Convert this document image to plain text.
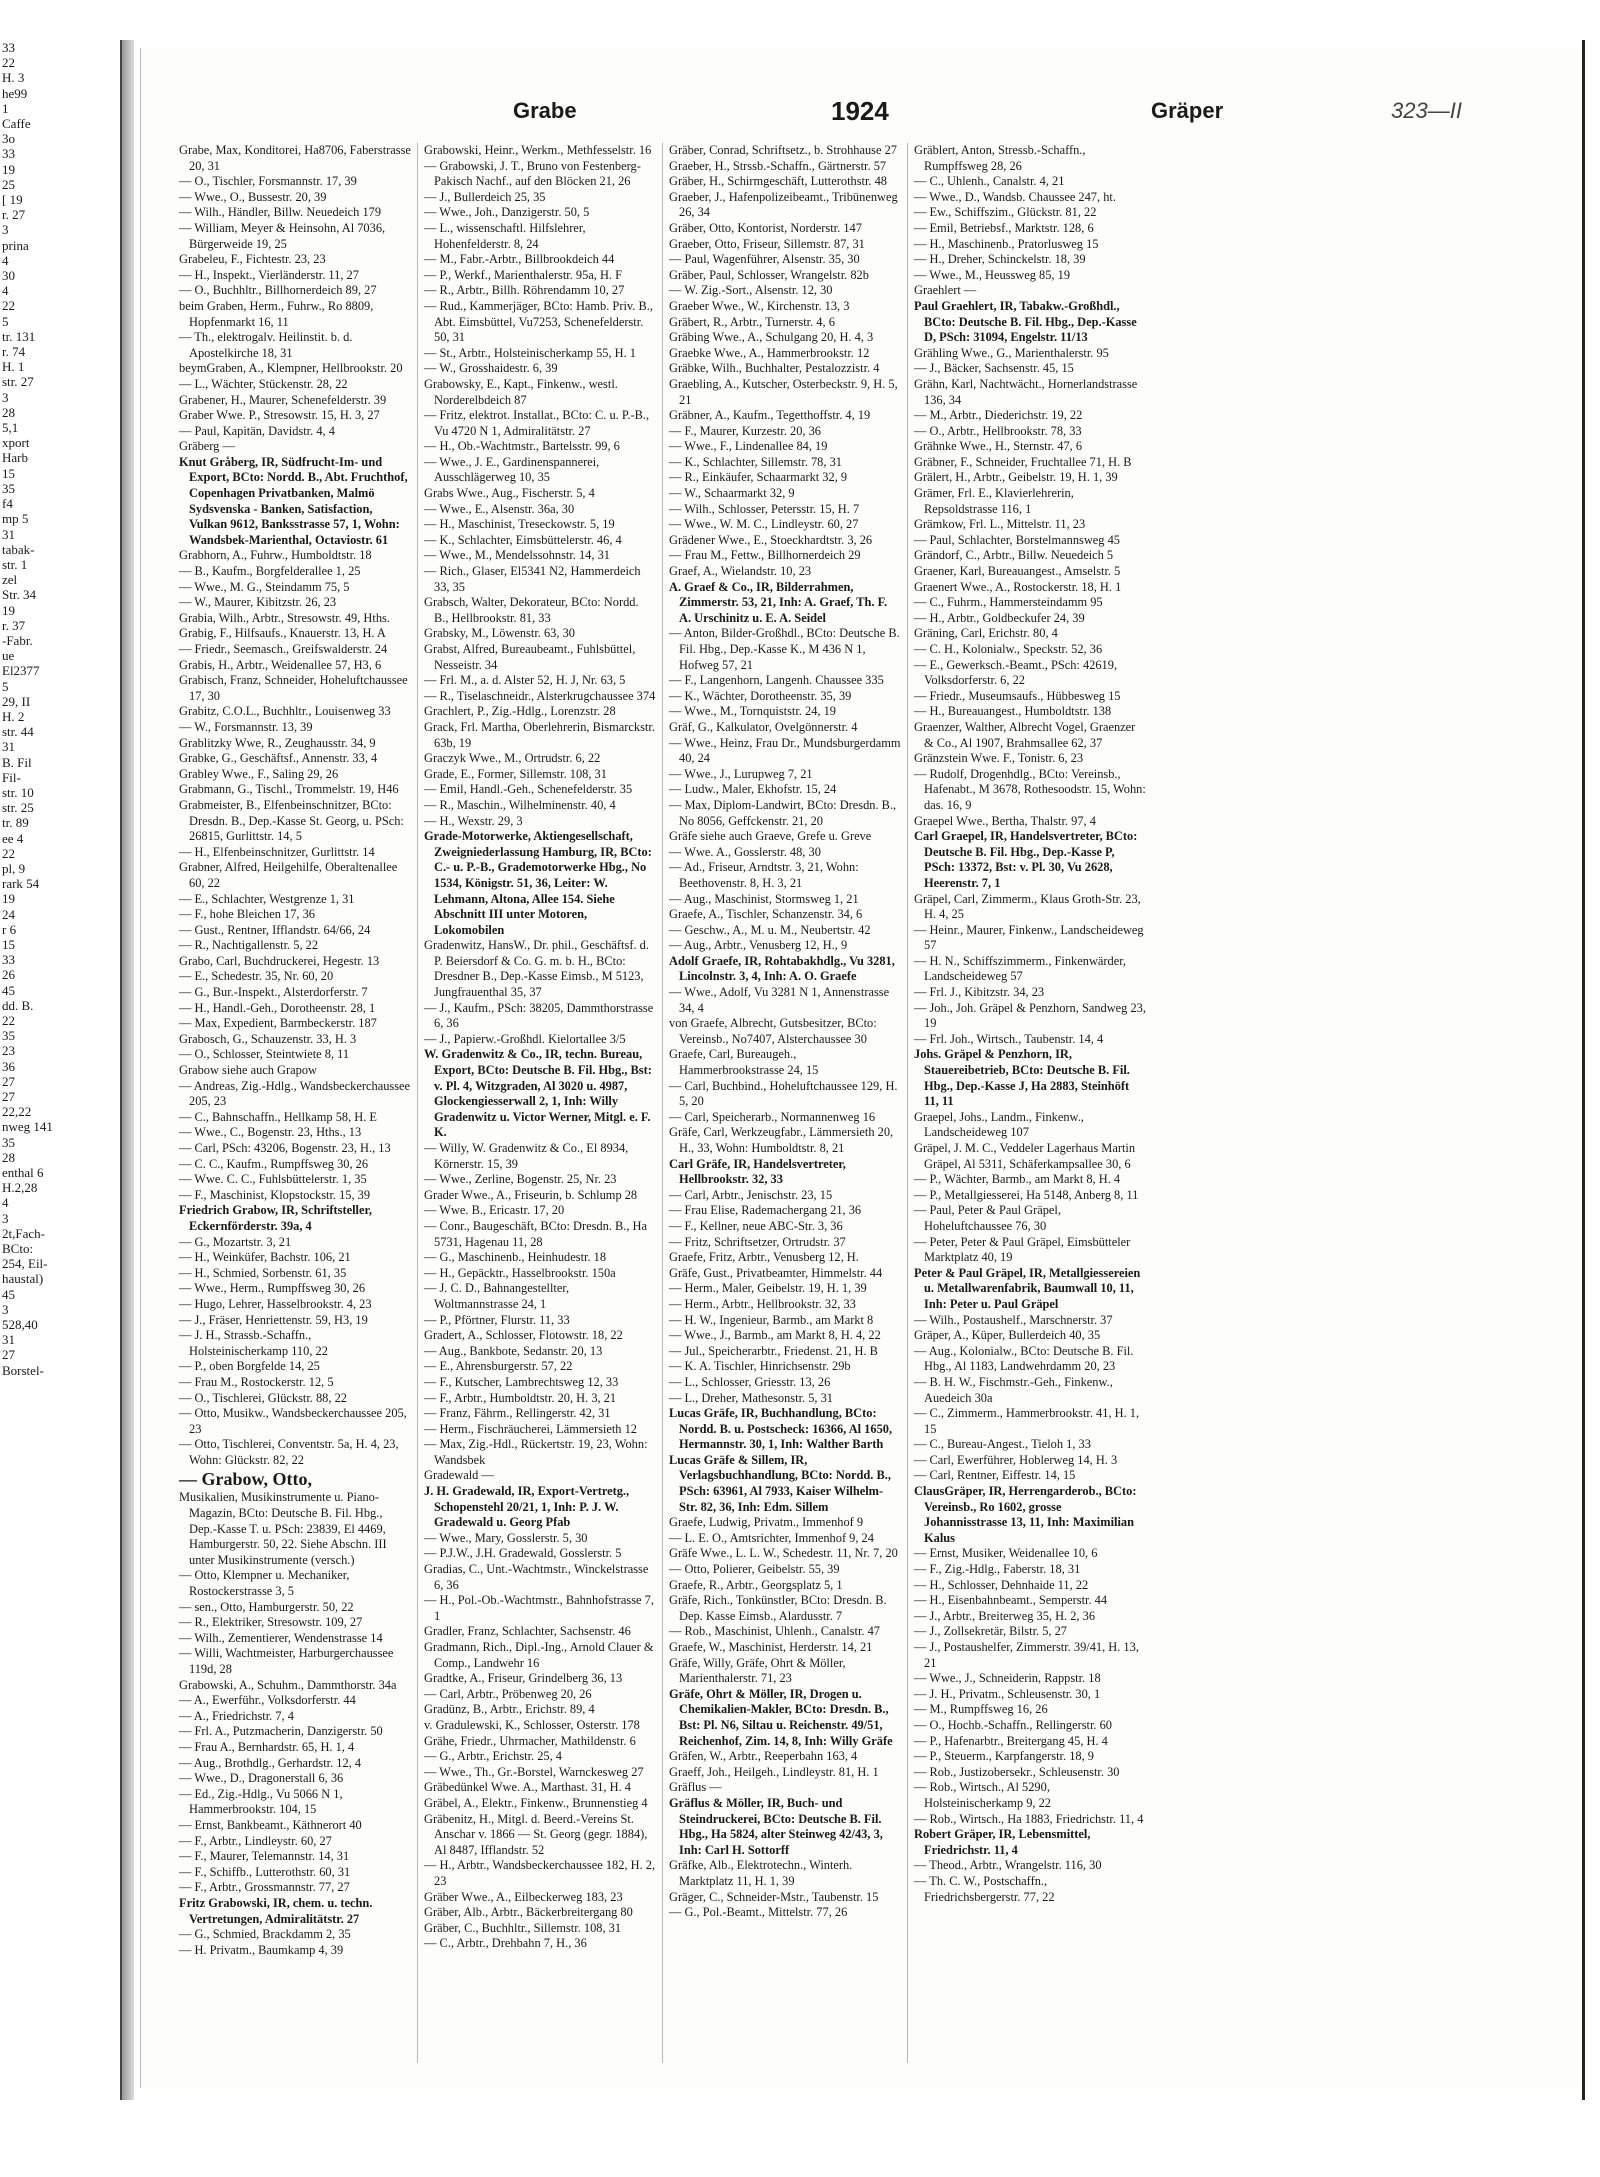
33
22
H. 3
he99
1
Caffe
3o
33
19
25
[ 19
r. 27
3
prina
4
30
4
22
5
tr. 131
r. 74
H. 1
str. 27
3
28
5,1
xport
Harb
15
35
f4
mp 5
31
tabak-
str. 1
zel
Str. 34
19
r. 37
-Fabr.
ue
El2377
5
29, II
H. 2
str. 44
31
B. Fil
Fil-
str. 10
str. 25
tr. 89
ee 4
22
pl, 9
rark 54
19
24
r 6
15
33
26
45
dd. B.
22
35
23
36
27
27
22,22
nweg 141
35
28
enthal 6
H.2,28
4
3
2t,Fach-
BCto:
254, Eil-
haustal)
45
3
528,40
31
27
Borstel-
Grabe	1924	Gräper	323—II

Grabe, Max, Konditorei, Ha8706, Faberstrasse 20, 31

— O., Tischler, Forsmannstr. 17, 39

— Wwe., O., Bussestr. 20, 39

— Wilh., Händler, Billw. Neuedeich 179

— William, Meyer & Heinsohn, Al 7036, Bürgerweide 19, 25

Grabeleu, F., Fichtestr. 23, 23

— H., Inspekt., Vierländerstr. 11, 27

— O., Buchhltr., Billhornerdeich 89, 27

beim Graben, Herm., Fuhrw., Ro 8809, Hopfenmarkt 16, 11

— Th., elektrogalv. Heilinstit. b. d. Apostelkirche 18, 31

beymGraben, A., Klempner, Hellbrookstr. 20

— L., Wächter, Stückenstr. 28, 22

Grabener, H., Maurer, Schenefelderstr. 39

Graber Wwe. P., Stresowstr. 15, H. 3, 27

— Paul, Kapitän, Davidstr. 4, 4

Gräberg —

Knut Gråberg, IR, Südfrucht-Im- und Export, BCto: Nordd. B., Abt. Fruchthof, Copenhagen Privatbanken, Malmö Sydsvenska - Banken, Satisfaction, Vulkan 9612, Banksstrasse 57, 1, Wohn: Wandsbek-Marienthal, Octaviostr. 61

Grabhorn, A., Fuhrw., Humboldtstr. 18

— B., Kaufm., Borgfelderallee 1, 25

— Wwe., M. G., Steindamm 75, 5

— W., Maurer, Kibitzstr. 26, 23

Grabia, Wilh., Arbtr., Stresowstr. 49, Hths.

Grabig, F., Hilfsaufs., Knauerstr. 13, H. A

— Friedr., Seemasch., Greifswalderstr. 24

Grabis, H., Arbtr., Weidenallee 57, H3, 6

Grabisch, Franz, Schneider, Hoheluftchaussee 17, 30

Grabitz, C.O.L., Buchhltr., Louisenweg 33

— W., Forsmannstr. 13, 39

Grablitzky Wwe, R., Zeughausstr. 34, 9

Grabke, G., Geschäftsf., Annenstr. 33, 4

Grabley Wwe., F., Saling 29, 26

Grabmann, G., Tischl., Trommelstr. 19, H46

Grabmeister, B., Elfenbeinschnitzer, BCto: Dresdn. B., Dep.-Kasse St. Georg, u. PSch: 26815, Gurlittstr. 14, 5

— H., Elfenbeinschnitzer, Gurlittstr. 14

Grabner, Alfred, Heilgehilfe, Oberaltenallee 60, 22

— E., Schlachter, Westgrenze 1, 31

— F., hohe Bleichen 17, 36

— Gust., Rentner, Ifflandstr. 64/66, 24

— R., Nachtigallenstr. 5, 22

Grabo, Carl, Buchdruckerei, Hegestr. 13

— E., Schedestr. 35, Nr. 60, 20

— G., Bur.-Inspekt., Alsterdorferstr. 7

— H., Handl.-Geh., Dorotheenstr. 28, 1

— Max, Expedient, Barmbeckerstr. 187

Grabosch, G., Schauzenstr. 33, H. 3

— O., Schlosser, Steintwiete 8, 11

Grabow siehe auch Grapow

— Andreas, Zig.-Hdlg., Wandsbeckerchaussee 205, 23

— C., Bahnschaffn., Hellkamp 58, H. E

— Wwe., C., Bogenstr. 23, Hths., 13

— Carl, PSch: 43206, Bogenstr. 23, H., 13

— C. C., Kaufm., Rumpffsweg 30, 26

— Wwe. C. C., Fuhlsbüttelerstr. 1, 35

— F., Maschinist, Klopstockstr. 15, 39

Friedrich Grabow, IR, Schriftsteller, Eckernförderstr. 39a, 4

— G., Mozartstr. 3, 21

— H., Weinküfer, Bachstr. 106, 21

— H., Schmied, Sorbenstr. 61, 35

— Wwe., Herm., Rumpffsweg 30, 26

— Hugo, Lehrer, Hasselbrookstr. 4, 23

— J., Fräser, Henriettenstr. 59, H3, 19

— J. H., Strassb.-Schaffn., Holsteinischerkamp 110, 22

— P., oben Borgfelde 14, 25

— Frau M., Rostockerstr. 12, 5

— O., Tischlerei, Glückstr. 88, 22

— Otto, Musikw., Wandsbeckerchaussee 205, 23

— Otto, Tischlerei, Conventstr. 5a, H. 4, 23, Wohn: Glückstr. 82, 22

— Grabow, Otto,

Musikalien, Musikinstrumente u. Piano-Magazin, BCto: Deutsche B. Fil. Hbg., Dep.-Kasse T. u. PSch: 23839, El 4469, Hamburgerstr. 50, 22. Siehe Abschn. III unter Musikinstrumente (versch.)

— Otto, Klempner u. Mechaniker, Rostockerstrasse 3, 5

— sen., Otto, Hamburgerstr. 50, 22

— R., Elektriker, Stresowstr. 109, 27

— Wilh., Zementierer, Wendenstrasse 14

— Willi, Wachtmeister, Harburgerchaussee 119d, 28

Grabowski, A., Schuhm., Dammthorstr. 34a

— A., Ewerführ., Volksdorferstr. 44

— A., Friedrichstr. 7, 4

— Frl. A., Putzmacherin, Danzigerstr. 50

— Frau A., Bernhardstr. 65, H. 1, 4

— Aug., Brothdlg., Gerhardstr. 12, 4

— Wwe., D., Dragonerstall 6, 36

— Ed., Zig.-Hdlg., Vu 5066 N 1, Hammerbrookstr. 104, 15

— Ernst, Bankbeamt., Käthnerort 40

— F., Arbtr., Lindleystr. 60, 27

— F., Maurer, Telemannstr. 14, 31

— F., Schiffb., Lutterothstr. 60, 31

— F., Arbtr., Grossmannstr. 77, 27

Fritz Grabowski, IR, chem. u. techn. Vertretungen, Admiralitätstr. 27

— G., Schmied, Brackdamm 2, 35

— H. Privatm., Baumkamp 4, 39

Grabowski, Heinr., Werkm., Methfesselstr. 16

— Grabowski, J. T., Bruno von Festenberg-Pakisch Nachf., auf den Blöcken 21, 26

— J., Bullerdeich 25, 35

— Wwe., Joh., Danzigerstr. 50, 5

— L., wissenschaftl. Hilfslehrer, Hohenfelderstr. 8, 24

— M., Fabr.-Arbtr., Billbrookdeich 44

— P., Werkf., Marienthalerstr. 95a, H. F

— R., Arbtr., Billh. Röhrendamm 10, 27

— Rud., Kammerjäger, BCto: Hamb. Priv. B., Abt. Eimsbüttel, Vu7253, Schenefelderstr. 50, 31

— St., Arbtr., Holsteinischerkamp 55, H. 1

— W., Grosshaidestr. 6, 39

Grabowsky, E., Kapt., Finkenw., westl. Norderelbdeich 87

— Fritz, elektrot. Installat., BCto: C. u. P.-B., Vu 4720 N 1, Admiralitätstr. 27

— H., Ob.-Wachtmstr., Bartelsstr. 99, 6

— Wwe., J. E., Gardinenspannerei, Ausschlägerweg 10, 35

Grabs Wwe., Aug., Fischerstr. 5, 4

— Wwe., E., Alsenstr. 36a, 30

— H., Maschinist, Treseckowstr. 5, 19

— K., Schlachter, Eimsbüttelerstr. 46, 4

— Wwe., M., Mendelssohnstr. 14, 31

— Rich., Glaser, El5341 N2, Hammerdeich 33, 35

Grabsch, Walter, Dekorateur, BCto: Nordd. B., Hellbrookstr. 81, 33

Grabsky, M., Löwenstr. 63, 30

Grabst, Alfred, Bureaubeamt., Fuhlsbüttel, Nesseistr. 34

— Frl. M., a. d. Alster 52, H. J, Nr. 63, 5

— R., Tiselaschneidr., Alsterkrugchaussee 374

Grachlert, P., Zig.-Hdlg., Lorenzstr. 28

Grack, Frl. Martha, Oberlehrerin, Bismarckstr. 63b, 19

Graczyk Wwe., M., Ortrudstr. 6, 22

Grade, E., Former, Sillemstr. 108, 31

— Emil, Handl.-Geh., Schenefelderstr. 35

— R., Maschin., Wilhelminenstr. 40, 4

— H., Wexstr. 29, 3

Grade-Motorwerke, Aktiengesellschaft, Zweigniederlassung Hamburg, IR, BCto: C.- u. P.-B., Grademotorwerke Hbg., No 1534, Königstr. 51, 36, Leiter: W. Lehmann, Altona, Allee 154. Siehe Abschnitt III unter Motoren, Lokomobilen

Gradenwitz, HansW., Dr. phil., Geschäftsf. d. P. Beiersdorf & Co. G. m. b. H., BCto: Dresdner B., Dep.-Kasse Eimsb., M 5123, Jungfrauenthal 35, 37

— J., Kaufm., PSch: 38205, Dammthorstrasse 6, 36

— J., Papierw.-Großhdl. Kielortallee 3/5

W. Gradenwitz & Co., IR, techn. Bureau, Export, BCto: Deutsche B. Fil. Hbg., Bst: v. Pl. 4, Witzgraden, Al 3020 u. 4987, Glockengiesserwall 2, 1, Inh: Willy Gradenwitz u. Victor Werner, Mitgl. e. F. K.

— Willy, W. Gradenwitz & Co., El 8934, Körnerstr. 15, 39

— Wwe., Zerline, Bogenstr. 25, Nr. 23

Grader Wwe., A., Friseurin, b. Schlump 28

— Wwe. B., Ericastr. 17, 20

— Conr., Baugeschäft, BCto: Dresdn. B., Ha 5731, Hagenau 11, 28

— G., Maschinenb., Heinhudestr. 18

— H., Gepäcktr., Hasselbrookstr. 150a

— J. C. D., Bahnangestellter, Woltmannstrasse 24, 1

— P., Pförtner, Flurstr. 11, 33

Gradert, A., Schlosser, Flotowstr. 18, 22

— Aug., Bankbote, Sedanstr. 20, 13

— E., Ahrensburgerstr. 57, 22

— F., Kutscher, Lambrechtsweg 12, 33

— F., Arbtr., Humboldtstr. 20, H. 3, 21

— Franz, Fährm., Rellingerstr. 42, 31

— Herm., Fischräucherei, Lämmersieth 12

— Max, Zig.-Hdl., Rückertstr. 19, 23, Wohn: Wandsbek

Gradewald —

J. H. Gradewald, IR, Export-Vertretg., Schopenstehl 20/21, 1, Inh: P. J. W. Gradewald u. Georg Pfab

— Wwe., Mary, Gosslerstr. 5, 30

— P.J.W., J.H. Gradewald, Gosslerstr. 5

Gradias, C., Unt.-Wachtmstr., Winckelstrasse 6, 36

— H., Pol.-Ob.-Wachtmstr., Bahnhofstrasse 7, 1

Gradler, Franz, Schlachter, Sachsenstr. 46

Gradmann, Rich., Dipl.-Ing., Arnold Clauer & Comp., Landwehr 16

Gradtke, A., Friseur, Grindelberg 36, 13

— Carl, Arbtr., Pröbenweg 20, 26

Gradünz, B., Arbtr., Erichstr. 89, 4

v. Gradulewski, K., Schlosser, Osterstr. 178

Grähe, Friedr., Uhrmacher, Mathildenstr. 6

— G., Arbtr., Erichstr. 25, 4

— Wwe., Th., Gr.-Borstel, Warnckesweg 27

Gräbedünkel Wwe. A., Marthast. 31, H. 4

Gräbel, A., Elektr., Finkenw., Brunnenstieg 4

Gräbenitz, H., Mitgl. d. Beerd.-Vereins St. Anschar v. 1866 — St. Georg (gegr. 1884), Al 8487, Ifflandstr. 52

— H., Arbtr., Wandsbeckerchaussee 182, H. 2, 23

Gräber Wwe., A., Eilbeckerweg 183, 23

Gräber, Alb., Arbtr., Bäckerbreitergang 80

Gräber, C., Buchhltr., Sillemstr. 108, 31

— C., Arbtr., Drehbahn 7, H., 36

Gräber, Conrad, Schriftsetz., b. Strohhause 27

Graeber, H., Strssb.-Schaffn., Gärtnerstr. 57

Gräber, H., Schirmgeschäft, Lutterothstr. 48

Graeber, J., Hafenpolizeibeamt., Tribünenweg 26, 34

Gräber, Otto, Kontorist, Norderstr. 147

Graeber, Otto, Friseur, Sillemstr. 87, 31

— Paul, Wagenführer, Alsenstr. 35, 30

Gräber, Paul, Schlosser, Wrangelstr. 82b

— W. Zig.-Sort., Alsenstr. 12, 30

Graeber Wwe., W., Kirchenstr. 13, 3

Gräbert, R., Arbtr., Turnerstr. 4, 6

Gräbing Wwe., A., Schulgang 20, H. 4, 3

Graebke Wwe., A., Hammerbrookstr. 12

Gräbke, Wilh., Buchhalter, Pestalozzistr. 4

Graebling, A., Kutscher, Osterbeckstr. 9, H. 5, 21

Gräbner, A., Kaufm., Tegetthoffstr. 4, 19

— F., Maurer, Kurzestr. 20, 36

— Wwe., F., Lindenallee 84, 19

— K., Schlachter, Sillemstr. 78, 31

— R., Einkäufer, Schaarmarkt 32, 9

— W., Schaarmarkt 32, 9

— Wilh., Schlosser, Petersstr. 15, H. 7

— Wwe., W. M. C., Lindleystr. 60, 27

Grädener Wwe., E., Stoeckhardtstr. 3, 26

— Frau M., Fettw., Billhornerdeich 29

Graef, A., Wielandstr. 10, 23

A. Graef & Co., IR, Bilderrahmen, Zimmerstr. 53, 21, Inh: A. Graef, Th. F. A. Urschinitz u. E. A. Seidel

— Anton, Bilder-Großhdl., BCto: Deutsche B. Fil. Hbg., Dep.-Kasse K., M 436 N 1, Hofweg 57, 21

— F., Langenhorn, Langenh. Chaussee 335

— K., Wächter, Dorotheenstr. 35, 39

— Wwe., M., Tornquiststr. 24, 19

Gräf, G., Kalkulator, Ovelgönnerstr. 4

— Wwe., Heinz, Frau Dr., Mundsburgerdamm 40, 24

— Wwe., J., Lurupweg 7, 21

— Ludw., Maler, Ekhofstr. 15, 24

— Max, Diplom-Landwirt, BCto: Dresdn. B., No 8056, Geffckenstr. 21, 20

Gräfe siehe auch Graeve, Grefe u. Greve

— Wwe. A., Gosslerstr. 48, 30

— Ad., Friseur, Arndtstr. 3, 21, Wohn: Beethovenstr. 8, H. 3, 21

— Aug., Maschinist, Stormsweg 1, 21

Graefe, A., Tischler, Schanzenstr. 34, 6

— Geschw., A., M. u. M., Neubertstr. 42

— Aug., Arbtr., Venusberg 12, H., 9

Adolf Graefe, IR, Rohtabakhdlg., Vu 3281, Lincolnstr. 3, 4, Inh: A. O. Graefe

— Wwe., Adolf, Vu 3281 N 1, Annenstrasse 34, 4

von Graefe, Albrecht, Gutsbesitzer, BCto: Vereinsb., No7407, Alsterchaussee 30

Graefe, Carl, Bureaugeh., Hammerbrookstrasse 24, 15

— Carl, Buchbind., Hoheluftchaussee 129, H. 5, 20

— Carl, Speicherarb., Normannenweg 16

Gräfe, Carl, Werkzeugfabr., Lämmersieth 20, H., 33, Wohn: Humboldtstr. 8, 21

Carl Gräfe, IR, Handelsvertreter, Hellbrookstr. 32, 33

— Carl, Arbtr., Jenischstr. 23, 15

— Frau Elise, Rademachergang 21, 36

— F., Kellner, neue ABC-Str. 3, 36

— Fritz, Schriftsetzer, Ortrudstr. 37

Graefe, Fritz, Arbtr., Venusberg 12, H.

Gräfe, Gust., Privatbeamter, Himmelstr. 44

— Herm., Maler, Geibelstr. 19, H. 1, 39

— Herm., Arbtr., Hellbrookstr. 32, 33

— H. W., Ingenieur, Barmb., am Markt 8

— Wwe., J., Barmb., am Markt 8, H. 4, 22

— Jul., Speicherarbtr., Friedenst. 21, H. B

— K. A. Tischler, Hinrichsenstr. 29b

— L., Schlosser, Griesstr. 13, 26

— L., Dreher, Mathesonstr. 5, 31

Lucas Gräfe, IR, Buchhandlung, BCto: Nordd. B. u. Postscheck: 16366, Al 1650, Hermannstr. 30, 1, Inh: Walther Barth

Lucas Gräfe & Sillem, IR, Verlagsbuchhandlung, BCto: Nordd. B., PSch: 63961, Al 7933, Kaiser Wilhelm-Str. 82, 36, Inh: Edm. Sillem

Graefe, Ludwig, Privatm., Immenhof 9

— L. E. O., Amtsrichter, Immenhof 9, 24

Gräfe Wwe., L. L. W., Schedestr. 11, Nr. 7, 20

— Otto, Polierer, Geibelstr. 55, 39

Graefe, R., Arbtr., Georgsplatz 5, 1

Gräfe, Rich., Tonkünstler, BCto: Dresdn. B. Dep. Kasse Eimsb., Alardusstr. 7

— Rob., Maschinist, Uhlenh., Canalstr. 47

Graefe, W., Maschinist, Herderstr. 14, 21

Gräfe, Willy, Gräfe, Ohrt & Möller, Marienthalerstr. 71, 23

Gräfe, Ohrt & Möller, IR, Drogen u. Chemikalien-Makler, BCto: Dresdn. B., Bst: Pl. N6, Siltau u. Reichenstr. 49/51, Reichenhof, Zim. 14, 8, Inh: Willy Gräfe

Gräfen, W., Arbtr., Reeperbahn 163, 4

Graeff, Joh., Heilgeh., Lindleystr. 81, H. 1

Gräflus —

Gräflus & Möller, IR, Buch- und Steindruckerei, BCto: Deutsche B. Fil. Hbg., Ha 5824, alter Steinweg 42/43, 3, Inh: Carl H. Sottorff

Gräfke, Alb., Elektrotechn., Winterh. Marktplatz 11, H. 1, 39

Gräger, C., Schneider-Mstr., Taubenstr. 15

— G., Pol.-Beamt., Mittelstr. 77, 26

Gräblert, Anton, Stressb.-Schaffn., Rumpffsweg 28, 26

— C., Uhlenh., Canalstr. 4, 21

— Wwe., D., Wandsb. Chaussee 247, ht.

— Ew., Schiffszim., Glückstr. 81, 22

— Emil, Betriebsf., Marktstr. 128, 6

— H., Maschinenb., Pratorlusweg 15

— H., Dreher, Schinckelstr. 18, 39

— Wwe., M., Heussweg 85, 19

Graehlert —

Paul Graehlert, IR, Tabakw.-Großhdl., BCto: Deutsche B. Fil. Hbg., Dep.-Kasse D, PSch: 31094, Engelstr. 11/13

Grähling Wwe., G., Marienthalerstr. 95

— J., Bäcker, Sachsenstr. 45, 15

Grähn, Karl, Nachtwächt., Hornerlandstrasse 136, 34

— M., Arbtr., Diederichstr. 19, 22

— O., Arbtr., Hellbrookstr. 78, 33

Grähnke Wwe., H., Sternstr. 47, 6

Gräbner, F., Schneider, Fruchtallee 71, H. B

Grälert, H., Arbtr., Geibelstr. 19, H. 1, 39

Grämer, Frl. E., Klavierlehrerin, Repsoldstrasse 116, 1

Grämkow, Frl. L., Mittelstr. 11, 23

— Paul, Schlachter, Borstelmannsweg 45

Grändorf, C., Arbtr., Billw. Neuedeich 5

Graener, Karl, Bureauangest., Amselstr. 5

Graenert Wwe., A., Rostockerstr. 18, H. 1

— C., Fuhrm., Hammersteindamm 95

— H., Arbtr., Goldbeckufer 24, 39

Gräning, Carl, Erichstr. 80, 4

— C. H., Kolonialw., Speckstr. 52, 36

— E., Gewerksch.-Beamt., PSch: 42619, Volksdorferstr. 6, 22

— Friedr., Museumsaufs., Hübbesweg 15

— H., Bureauangest., Humboldtstr. 138

Graenzer, Walther, Albrecht Vogel, Graenzer & Co., Al 1907, Brahmsallee 62, 37

Gränzstein Wwe. F., Tonistr. 6, 23

— Rudolf, Drogenhdlg., BCto: Vereinsb., Hafenabt., M 3678, Rothesoodstr. 15, Wohn: das. 16, 9

Graepel Wwe., Bertha, Thalstr. 97, 4

Carl Graepel, IR, Handelsvertreter, BCto: Deutsche B. Fil. Hbg., Dep.-Kasse P, PSch: 13372, Bst: v. Pl. 30, Vu 2628, Heerenstr. 7, 1

Gräpel, Carl, Zimmerm., Klaus Groth-Str. 23, H. 4, 25

— Heinr., Maurer, Finkenw., Landscheideweg 57

— H. N., Schiffszimmerm., Finkenwärder, Landscheideweg 57

— Frl. J., Kibitzstr. 34, 23

— Joh., Joh. Gräpel & Penzhorn, Sandweg 23, 19

— Frl. Joh., Wirtsch., Taubenstr. 14, 4

Johs. Gräpel & Penzhorn, IR, Stauereibetrieb, BCto: Deutsche B. Fil. Hbg., Dep.-Kasse J, Ha 2883, Steinhöft 11, 11

Graepel, Johs., Landm., Finkenw., Landscheideweg 107

Gräpel, J. M. C., Veddeler Lagerhaus Martin Gräpel, Al 5311, Schäferkampsallee 30, 6

— P., Wächter, Barmb., am Markt 8, H. 4

— P., Metallgiesserei, Ha 5148, Anberg 8, 11

— Paul, Peter & Paul Gräpel, Hoheluftchaussee 76, 30

— Peter, Peter & Paul Gräpel, Eimsbütteler Marktplatz 40, 19

Peter & Paul Gräpel, IR, Metallgiessereien u. Metallwarenfabrik, Baumwall 10, 11, Inh: Peter u. Paul Gräpel

— Wilh., Postaushelf., Marschnerstr. 37

Gräper, A., Küper, Bullerdeich 40, 35

— Aug., Kolonialw., BCto: Deutsche B. Fil. Hbg., Al 1183, Landwehrdamm 20, 23

— B. H. W., Fischmstr.-Geh., Finkenw., Auedeich 30a

— C., Zimmerm., Hammerbrookstr. 41, H. 1, 15

— C., Bureau-Angest., Tieloh 1, 33

— Carl, Ewerführer, Hoblerweg 14, H. 3

— Carl, Rentner, Eiffestr. 14, 15

ClausGräper, IR, Herrengarderob., BCto: Vereinsb., Ro 1602, grosse Johannisstrasse 13, 11, Inh: Maximilian Kalus

— Ernst, Musiker, Weidenallee 10, 6

— F., Zig.-Hdlg., Faberstr. 18, 31

— H., Schlosser, Dehnhaide 11, 22

— H., Eisenbahnbeamt., Semperstr. 44

— J., Arbtr., Breiterweg 35, H. 2, 36

— J., Zollsekretär, Bilstr. 5, 27

— J., Postaushelfer, Zimmerstr. 39/41, H. 13, 21

— Wwe., J., Schneiderin, Rappstr. 18

— J. H., Privatm., Schleusenstr. 30, 1

— M., Rumpffsweg 16, 26

— O., Hochb.-Schaffn., Rellingerstr. 60

— P., Hafenarbtr., Breitergang 45, H. 4

— P., Steuerm., Karpfangerstr. 18, 9

— Rob., Justizobersekr., Schleusenstr. 30

— Rob., Wirtsch., Al 5290, Holsteinischerkamp 9, 22

— Rob., Wirtsch., Ha 1883, Friedrichstr. 11, 4

Robert Gräper, IR, Lebensmittel, Friedrichstr. 11, 4

— Theod., Arbtr., Wrangelstr. 116, 30

— Th. C. W., Postschaffn., Friedrichsbergerstr. 77, 22
